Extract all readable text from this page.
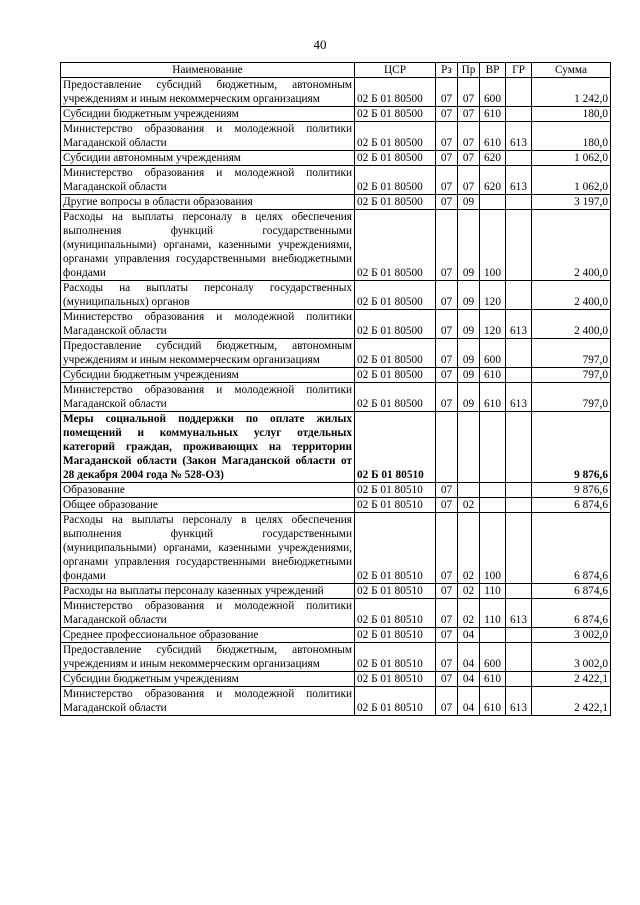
40
Наименование	ЦСР	Рз	Пр	ВР	ГР	Сумма
Предоставление субсидий бюджетным, автономным учреждениям и иным некоммерческим организациям	02 Б 01 80500	07	07	600		1 242,0
Субсидии бюджетным учреждениям	02 Б 01 80500	07	07	610		180,0
Министерство образования и молодежной политики Магаданской области	02 Б 01 80500	07	07	610	613	180,0
Субсидии автономным учреждениям	02 Б 01 80500	07	07	620		1 062,0
Министерство образования и молодежной политики Магаданской области	02 Б 01 80500	07	07	620	613	1 062,0
Другие вопросы в области образования	02 Б 01 80500	07	09			3 197,0
Расходы на выплаты персоналу в целях обеспечения выполнения функций государственными (муниципальными) органами, казенными учреждениями, органами управления государственными внебюджетными фондами	02 Б 01 80500	07	09	100		2 400,0
Расходы на выплаты персоналу государственных (муниципальных) органов	02 Б 01 80500	07	09	120		2 400,0
Министерство образования и молодежной политики Магаданской области	02 Б 01 80500	07	09	120	613	2 400,0
Предоставление субсидий бюджетным, автономным учреждениям и иным некоммерческим организациям	02 Б 01 80500	07	09	600		797,0
Субсидии бюджетным учреждениям	02 Б 01 80500	07	09	610		797,0
Министерство образования и молодежной политики Магаданской области	02 Б 01 80500	07	09	610	613	797,0
Меры социальной поддержки по оплате жилых помещений и коммунальных услуг отдельных категорий граждан, проживающих на территории Магаданской области (Закон Магаданской области от 28 декабря 2004 года № 528-ОЗ)	02 Б 01 80510					9 876,6
Образование	02 Б 01 80510	07				9 876,6
Общее образование	02 Б 01 80510	07	02			6 874,6
Расходы на выплаты персоналу в целях обеспечения выполнения функций государственными (муниципальными) органами, казенными учреждениями, органами управления государственными внебюджетными фондами	02 Б 01 80510	07	02	100		6 874,6
Расходы на выплаты персоналу казенных учреждений	02 Б 01 80510	07	02	110		6 874,6
Министерство образования и молодежной политики Магаданской области	02 Б 01 80510	07	02	110	613	6 874,6
Среднее профессиональное образование	02 Б 01 80510	07	04			3 002,0
Предоставление субсидий бюджетным, автономным учреждениям и иным некоммерческим организациям	02 Б 01 80510	07	04	600		3 002,0
Субсидии бюджетным учреждениям	02 Б 01 80510	07	04	610		2 422,1
Министерство образования и молодежной политики Магаданской области	02 Б 01 80510	07	04	610	613	2 422,1
